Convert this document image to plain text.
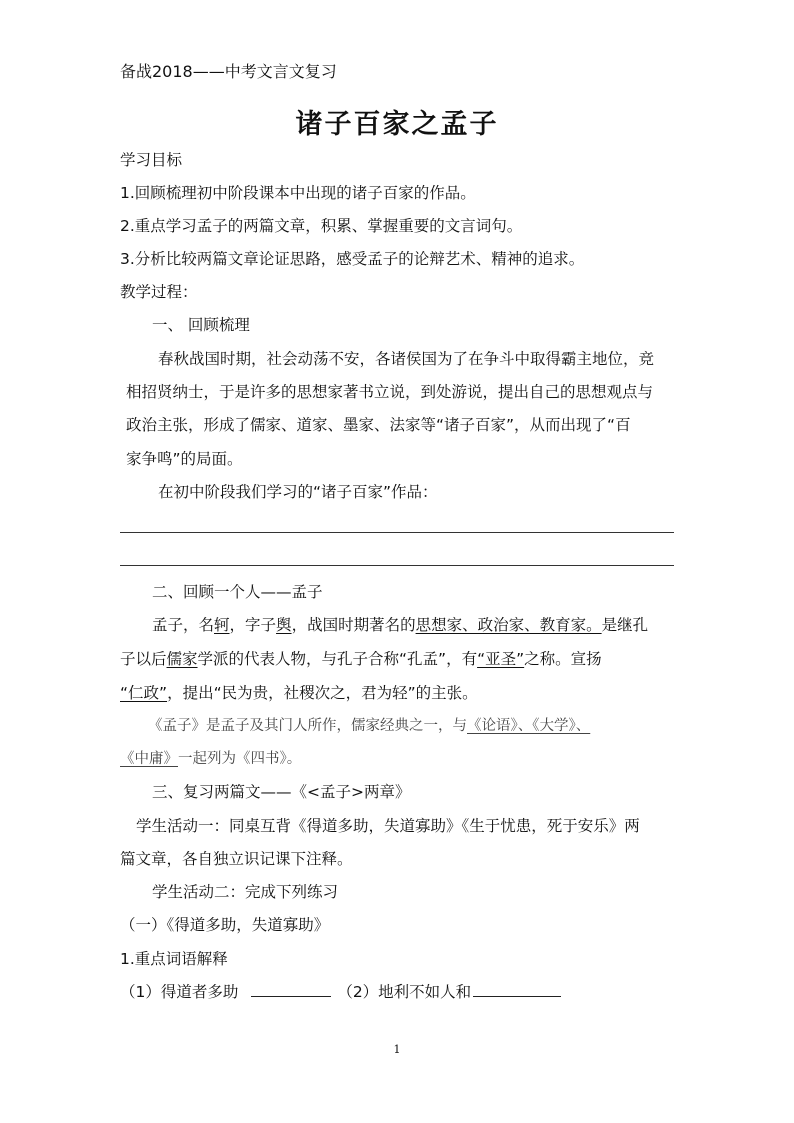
备战2018——中考文言文复习
诸子百家之孟子
学习目标
1.回顾梳理初中阶段课本中出现的诸子百家的作品。
2.重点学习孟子的两篇文章，积累、掌握重要的文言词句。
3.分析比较两篇文章论证思路，感受孟子的论辩艺术、精神的追求。
教学过程：
一、 回顾梳理
春秋战国时期，社会动荡不安，各诸侯国为了在争斗中取得霸主地位，竞
相招贤纳士，于是许多的思想家著书立说，到处游说，提出自己的思想观点与
政治主张，形成了儒家、道家、墨家、法家等“诸子百家”，从而出现了“百
家争鸣”的局面。
在初中阶段我们学习的“诸子百家”作品：
二、回顾一个人——孟子
孟子，名轲，字子舆，战国时期著名的思想家、政治家、教育家。是继孔
子以后儒家学派的代表人物，与孔子合称“孔孟”，有“亚圣”之称。宣扬
“仁政”，提出“民为贵，社稷次之，君为轻”的主张。
《孟子》是孟子及其门人所作，儒家经典之一，与《论语》、《大学》、
《中庸》一起列为《四书》。
三、复习两篇文——《<孟子>两章》
学生活动一：同桌互背《得道多助，失道寡助》《生于忧患，死于安乐》两
篇文章，各自独立识记课下注释。
学生活动二：完成下列练习
（一）《得道多助，失道寡助》
1.重点词语解释
（1）得道者多助	（2）地利不如人和
1
